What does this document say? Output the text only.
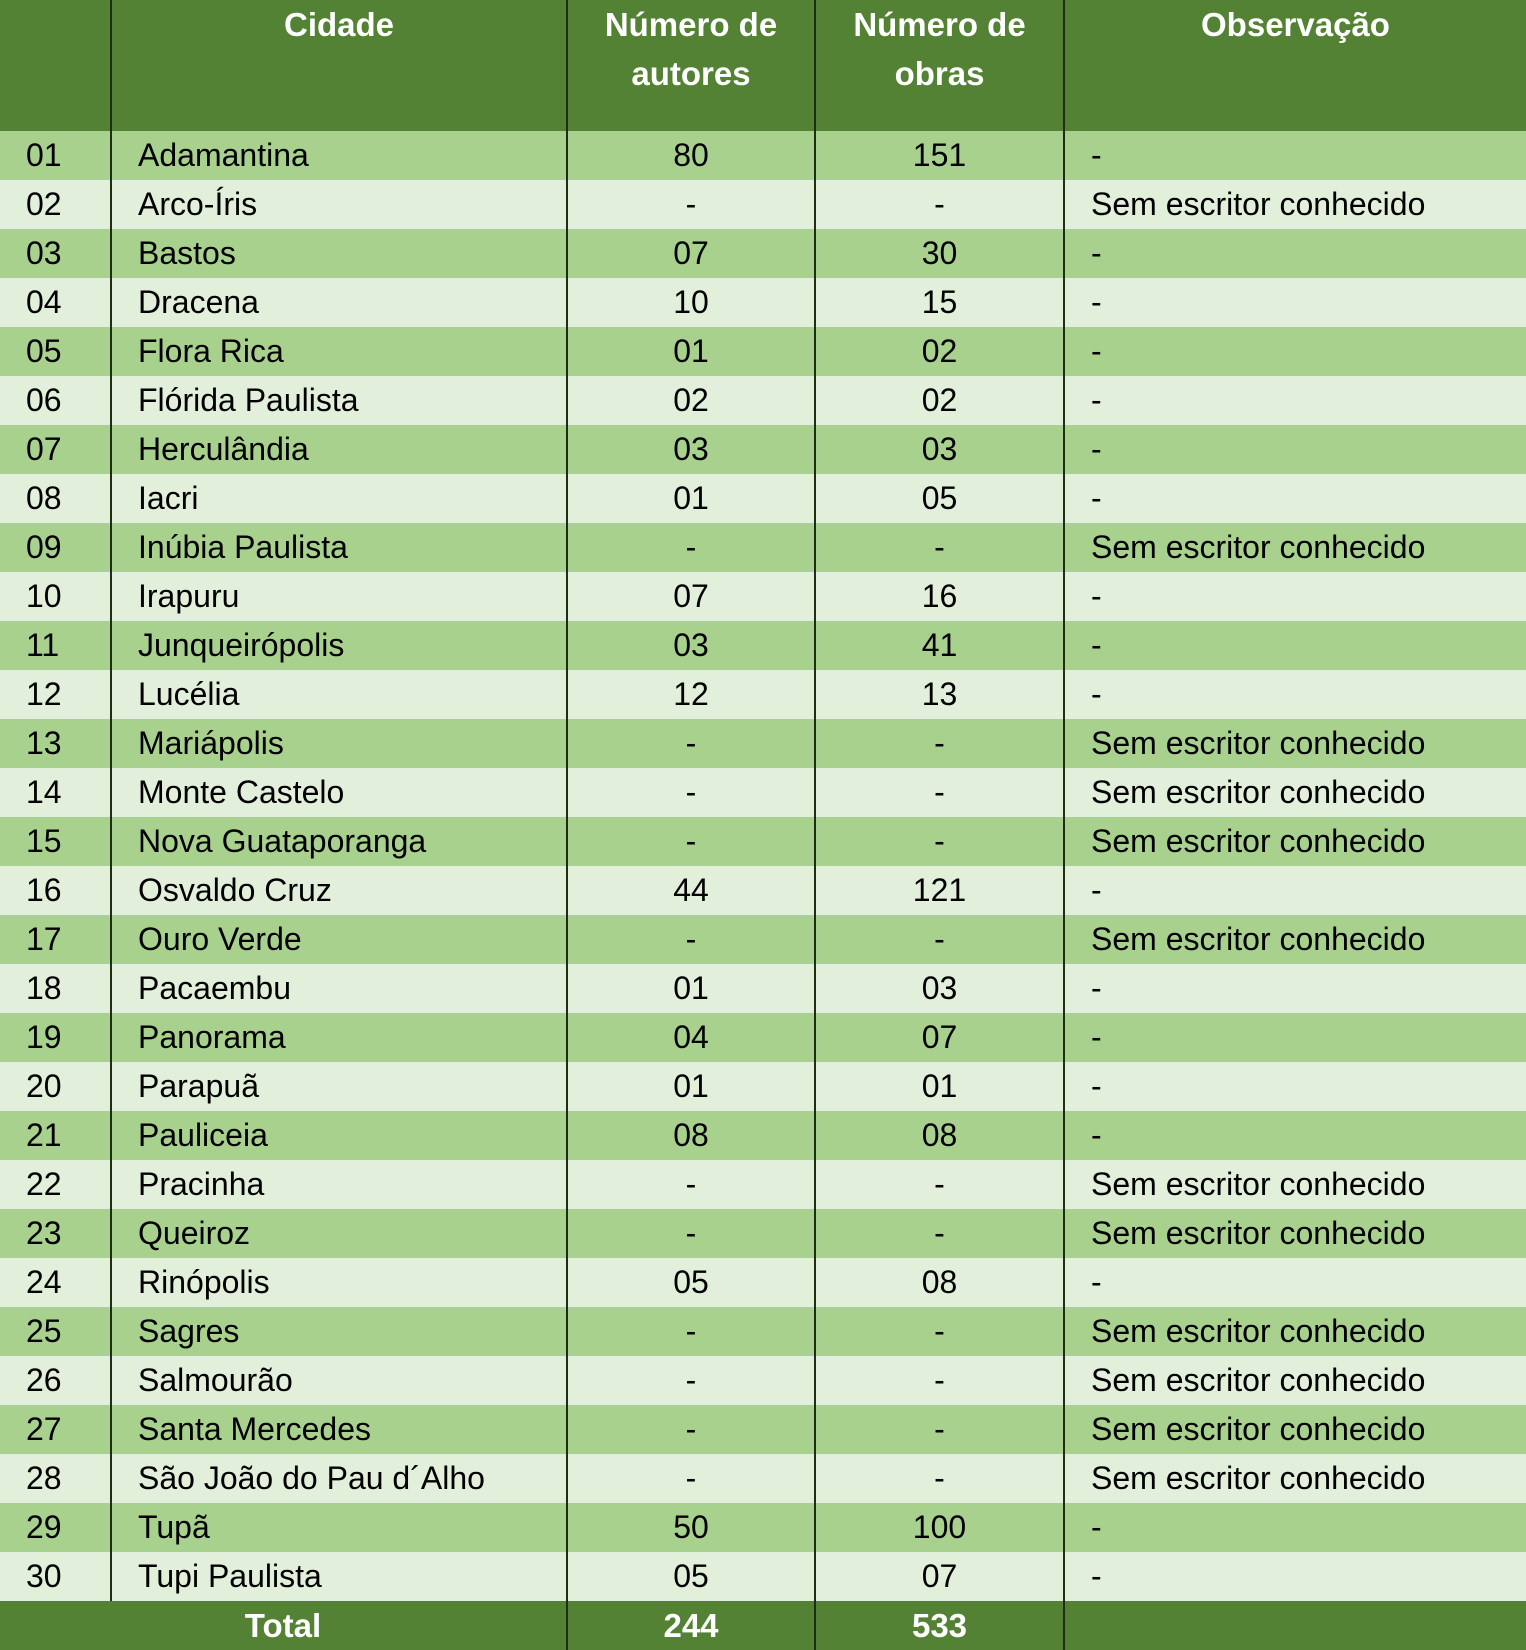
	Cidade	Número de autores	Número de obras	Observação
01	Adamantina	80	151	-
02	Arco-Íris	-	-	Sem escritor conhecido
03	Bastos	07	30	-
04	Dracena	10	15	-
05	Flora Rica	01	02	-
06	Flórida Paulista	02	02	-
07	Herculândia	03	03	-
08	Iacri	01	05	-
09	Inúbia Paulista	-	-	Sem escritor conhecido
10	Irapuru	07	16	-
11	Junqueirópolis	03	41	-
12	Lucélia	12	13	-
13	Mariápolis	-	-	Sem escritor conhecido
14	Monte Castelo	-	-	Sem escritor conhecido
15	Nova Guataporanga	-	-	Sem escritor conhecido
16	Osvaldo Cruz	44	121	-
17	Ouro Verde	-	-	Sem escritor conhecido
18	Pacaembu	01	03	-
19	Panorama	04	07	-
20	Parapuã	01	01	-
21	Pauliceia	08	08	-
22	Pracinha	-	-	Sem escritor conhecido
23	Queiroz	-	-	Sem escritor conhecido
24	Rinópolis	05	08	-
25	Sagres	-	-	Sem escritor conhecido
26	Salmourão	-	-	Sem escritor conhecido
27	Santa Mercedes	-	-	Sem escritor conhecido
28	São João do Pau d´Alho	-	-	Sem escritor conhecido
29	Tupã	50	100	-
30	Tupi Paulista	05	07	-
Total		244	533	
